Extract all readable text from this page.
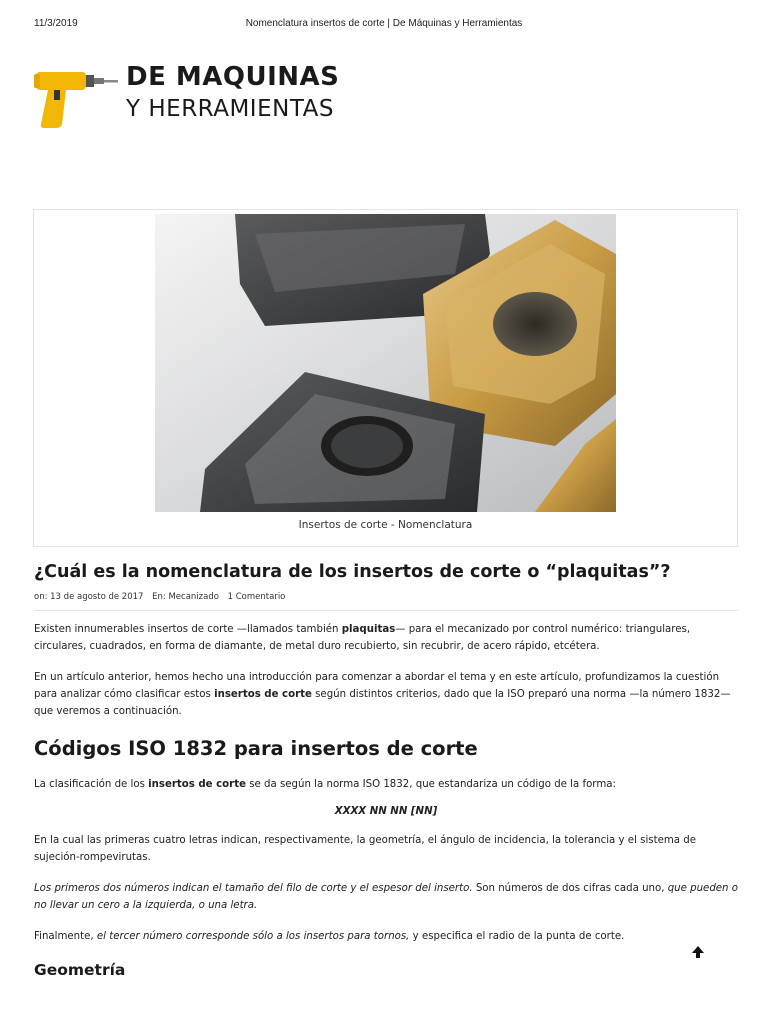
11/3/2019	Nomenclatura insertos de corte | De Máquinas y Herramientas
DE MAQUINAS
Y HERRAMIENTAS
Insertos de corte - Nomenclatura
¿Cuál es la nomenclatura de los insertos de corte o “plaquitas”?
on: 13 de agosto de 2017 En: Mecanizado 1 Comentario

Existen innumerables insertos de corte —llamados también plaquitas— para el mecanizado por control numérico: triangulares, circulares, cuadrados, en forma de diamante, de metal duro recubierto, sin recubrir, de acero rápido, etcétera.

En un artículo anterior, hemos hecho una introducción para comenzar a abordar el tema y en este artículo, profundizamos la cuestión para analizar cómo clasificar estos insertos de corte según distintos criterios, dado que la ISO preparó una norma —la número 1832— que veremos a continuación.

Códigos ISO 1832 para insertos de corte

La clasificación de los insertos de corte se da según la norma ISO 1832, que estandariza un código de la forma:

XXXX NN NN [NN]

En la cual las primeras cuatro letras indican, respectivamente, la geometría, el ángulo de incidencia, la tolerancia y el sistema de sujeción-rompevirutas.

Los primeros dos números indican el tamaño del filo de corte y el espesor del inserto. Son números de dos cifras cada uno, que pueden o no llevar un cero a la izquierda, o una letra.

Finalmente, el tercer número corresponde sólo a los insertos para tornos, y especifica el radio de la punta de corte.

Geometría
